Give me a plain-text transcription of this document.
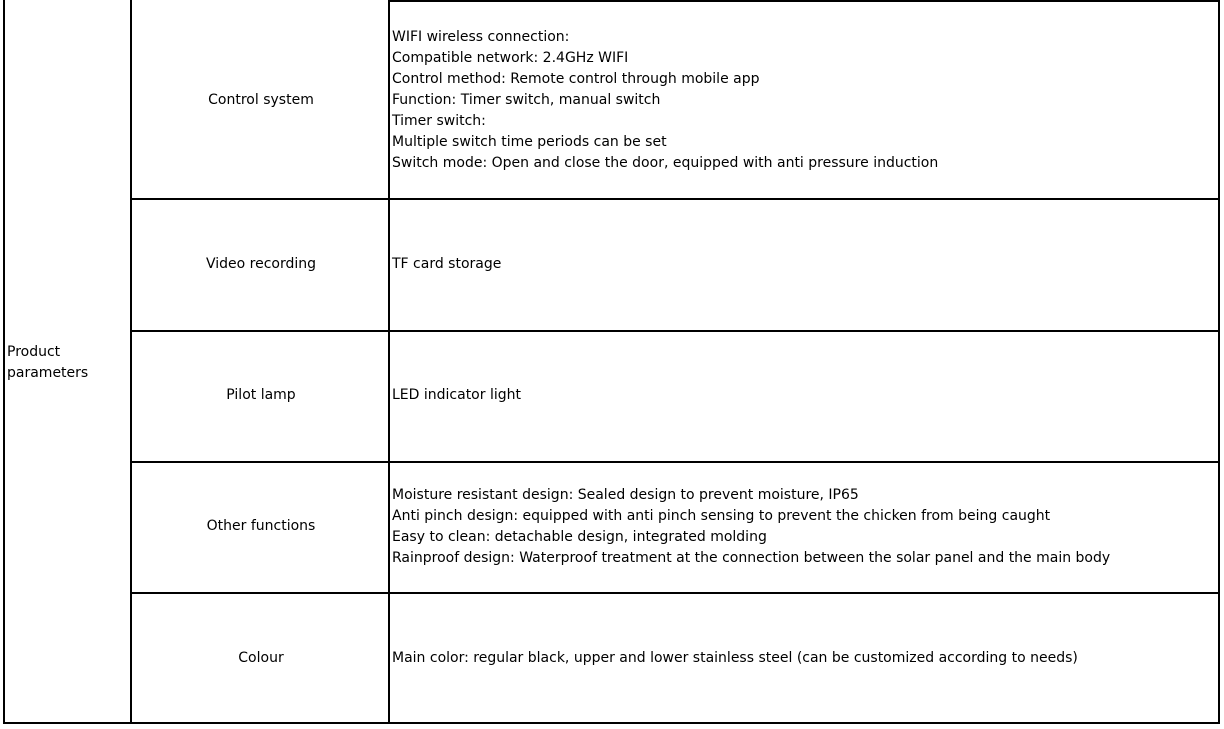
Product
parameters
Control system
Video recording
Pilot lamp
Other functions
Colour
WIFI wireless connection:
Compatible network: 2.4GHz WIFI
Control method: Remote control through mobile app
Function: Timer switch, manual switch
Timer switch:
Multiple switch time periods can be set
Switch mode: Open and close the door, equipped with anti pressure induction
TF card storage
LED indicator light
Moisture resistant design: Sealed design to prevent moisture, IP65
Anti pinch design: equipped with anti pinch sensing to prevent the chicken from being caught
Easy to clean: detachable design, integrated molding
Rainproof design: Waterproof treatment at the connection between the solar panel and the main body
Main color: regular black, upper and lower stainless steel (can be customized according to needs)
